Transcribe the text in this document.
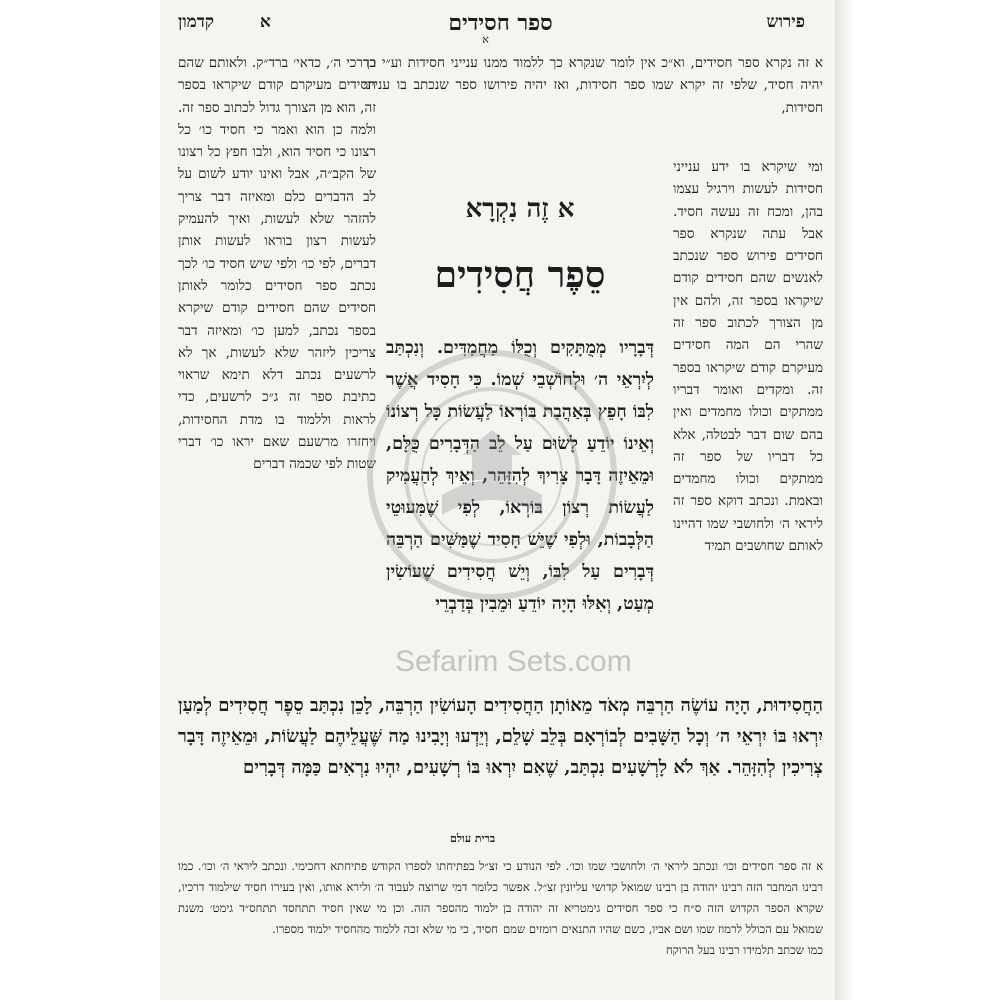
פירוש
ספר חסידים
א
א    קדמון
א זה נקרא ספר חסידים, וא״כ אין לומר שנקרא כך ללמוד ממנו ענייני חסידות וע״י כך יהיה חסיד, שלפי זה יקרא שמו ספר חסידות, ואז יהיה פירושו ספר שנכתב בו ענייני חסידות,
ומי שיקרא בו ידע ענייני חסידות לעשות וירגיל עצמו בהן, ומכח זה נעשה חסיד. אבל עתה שנקרא ספר חסידים פירוש ספר שנכתב לאנשים שהם חסידים קודם שיקראו בספר זה, ולהם אין מן הצורך לכתוב ספר זה שהרי הם המה חסידים מעיקרם קודם שיקראו בספר זה. ומקדים ואומר דבריו ממתקים וכולו מחמדים ואין בהם שום דבר לבטלה, אלא כל דבריו של ספר זה ממתקים וכולו מחמדים ובאמת. ונכתב דוקא ספר זה ליראי ה׳ ולחושבי שמו דהיינו לאותם שחושבים תמיד
בדרכי ה׳, כדאי׳ ברד״ק. ולאותם שהם חסידים מעיקרם קודם שיקראו בספר זה, הוא מן הצורך גדול לכתוב ספר זה. ולמה כן הוא ואמר כי חסיד כו׳ כל רצונו כי חסיד הוא, ולבו חפץ כל רצונו של הקב״ה, אבל ואינו יודע לשום על לב הדברים כלם ומאיזה דבר צריך להזהר שלא לעשות, ואיך להעמיק לעשות רצון בוראו לעשות אותן דברים, לפי כו׳ ולפי שיש חסיד כו׳ לכך נכתב ספר חסידים כלומר לאותן חסידים שהם חסידים קודם שיקרא בספר נכתב, למען כו׳ ומאיזה דבר צריכין ליזהר שלא לעשות, אך לא לרשעים נכתב דלא תימא שראוי כתיבת ספר זה ג״כ לרשעים, כדי לראות וללמוד בו מדת החסידות, ויחזרו מרשעם שאם יראו כו׳ דברי שטות לפי שכמה דברים
א זֶה נִקְרָא
סֵפֶר חֲסִידִים
דְּבָרָיו מְמֻתָּקִים וְכֻלּוֹ מַחֲמַדִּים. וְנִכְתַּב לְיִרְאֵי ה׳ וּלְחוֹשְׁבֵי שְׁמוֹ. כִּי חָסִיד אֲשֶׁר לִבּוֹ חָפֵץ בְּאַהֲבַת בּוֹרְאוֹ לַעֲשׂוֹת כָּל רְצוֹנוֹ וְאֵינוֹ יוֹדֵעַ לָשׂוּם עַל לֵב הַדְּבָרִים כֻּלָּם, וּמֵאֵיזֶה דָּבָר צָרִיךְ לְהִזָּהֵר, וְאֵיךְ לְהַעֲמִיק לַעֲשׂוֹת רְצוֹן בּוֹרְאוֹ, לְפִי שֶׁמִּעוּטֵי הַלְּבָבוֹת, וּלְפִי שֶׁיֵּשׁ חָסִיד שֶׁמַּשִּׁים הַרְבֵּה דְּבָרִים עַל לִבּוֹ, וְיֵשׁ חֲסִידִים שֶׁעוֹשִׂין מְעַט, וְאִלּוּ הָיָה יוֹדֵעַ וּמֵבִין בְּדַבְרֵי
הַחֲסִידוּת, הָיָה עוֹשֶׂה הַרְבֵּה מְאֹד מֵאוֹתָן הַחֲסִידִים הָעוֹשִׂין הַרְבֵּה, לָכֵן נִכְתַּב סֵפֶר חֲסִידִים לְמַעַן יִרְאוּ בּוֹ יִרְאֵי ה׳ וְכָל הַשָּׁבִים לְבוֹרְאָם בְּלֵב שָׁלֵם, וְיֵדְעוּ וְיָבִינוּ מַה שֶּׁעֲלֵיהֶם לַעֲשׂוֹת, וּמֵאֵיזֶה דָּבָר צְרִיכִין לְהִזָּהֵר. אַךְ לֹא לָרְשָׁעִים נִכְתַּב, שֶׁאִם יִרְאוּ בּוֹ רְשָׁעִים, יִהְיוּ נִרְאִים כַּמָּה דְּבָרִים
ברית עולם
א זה ספר חסידים וכו׳ ונכתב ליראי ה׳ ולחושבי שמו וכו׳. לפי הנודע כי רבינו המחבר הזה רבינו יהודה בן רבינו שמואל קדושי עליונין זצ״ל. אפשר שקרא הספר הקדוש הזה ס״ח כי ספר חסידים גימטריא זה יהודה בן שמואל עם הכולל לרמוז שמו ושם אביו, כשם שהיו התנאים רומזים שמם כמו שכתב תלמידו רבינו בעל הרוקח
זצ״ל בפתיחתו לספרו הקודש פתיחתא דחכימי. ונכתב ליראי ה׳ וכו׳. כמו כלומר דמי שרוצה לעבוד ה׳ ולירא אותו, ואין בעירו חסיד שילמוד דרכיו, ילמוד מהספר הזה. וכן מי שאין חסיד תתחסד תתחס״ד גימט׳ משנת חסיד, כי מי שלא זכה ללמוד מהחסיד ילמוד מספרו.
Sefarim Sets.com
